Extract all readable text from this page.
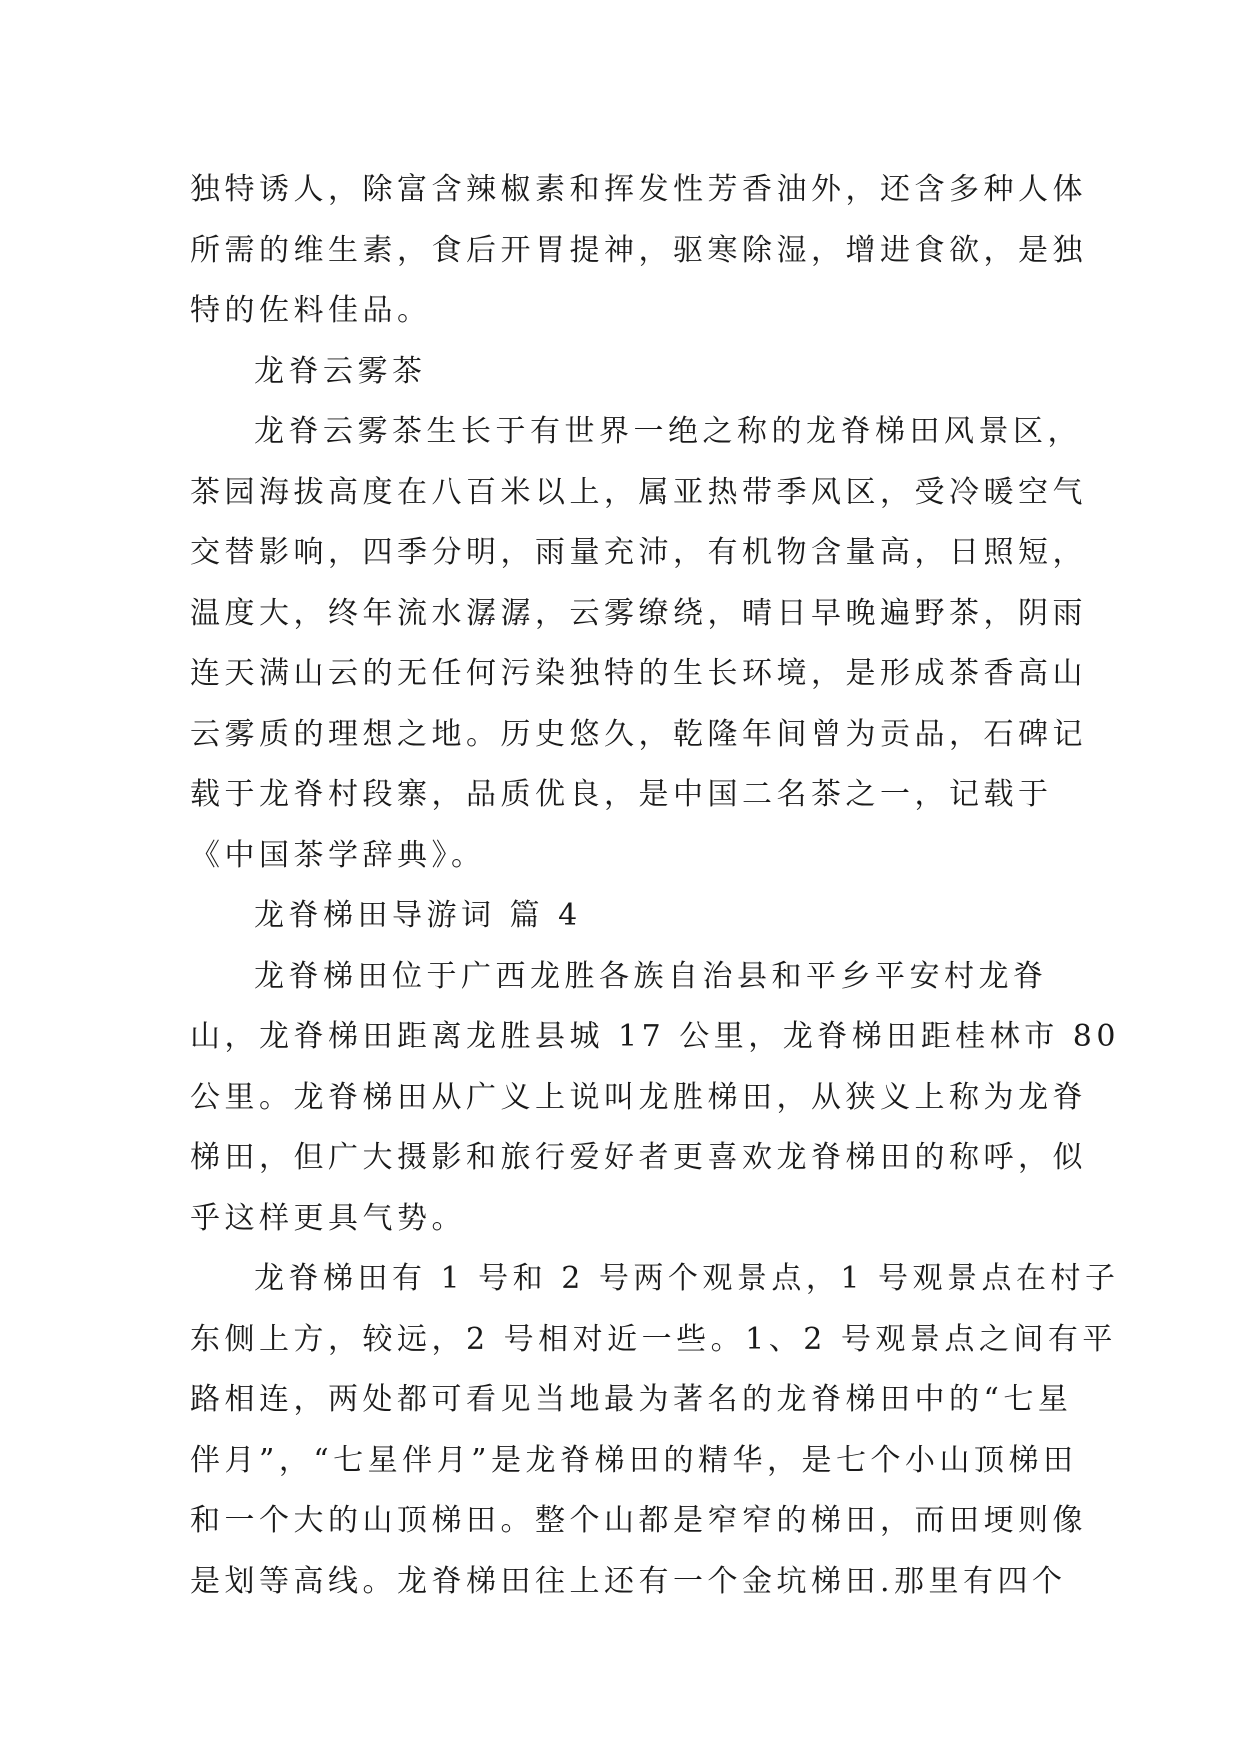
独特诱人，除富含辣椒素和挥发性芳香油外，还含多种人体
所需的维生素，食后开胃提神，驱寒除湿，增进食欲，是独
特的佐料佳品。
龙脊云雾茶
龙脊云雾茶生长于有世界一绝之称的龙脊梯田风景区，
茶园海拔高度在八百米以上，属亚热带季风区，受冷暖空气
交替影响，四季分明，雨量充沛，有机物含量高，日照短，
温度大，终年流水潺潺，云雾缭绕，晴日早晚遍野茶，阴雨
连天满山云的无任何污染独特的生长环境，是形成茶香高山
云雾质的理想之地。历史悠久，乾隆年间曾为贡品，石碑记
载于龙脊村段寨，品质优良，是中国二名茶之一，记载于
《中国茶学辞典》。
龙脊梯田导游词 篇 4
龙脊梯田位于广西龙胜各族自治县和平乡平安村龙脊
山，龙脊梯田距离龙胜县城 17 公里，龙脊梯田距桂林市 80
公里。龙脊梯田从广义上说叫龙胜梯田，从狭义上称为龙脊
梯田，但广大摄影和旅行爱好者更喜欢龙脊梯田的称呼，似
乎这样更具气势。
龙脊梯田有 1 号和 2 号两个观景点，1 号观景点在村子
东侧上方，较远，2 号相对近一些。1、2 号观景点之间有平
路相连，两处都可看见当地最为著名的龙脊梯田中的“七星
伴月”，“七星伴月”是龙脊梯田的精华，是七个小山顶梯田
和一个大的山顶梯田。整个山都是窄窄的梯田，而田埂则像
是划等高线。龙脊梯田往上还有一个金坑梯田.那里有四个
